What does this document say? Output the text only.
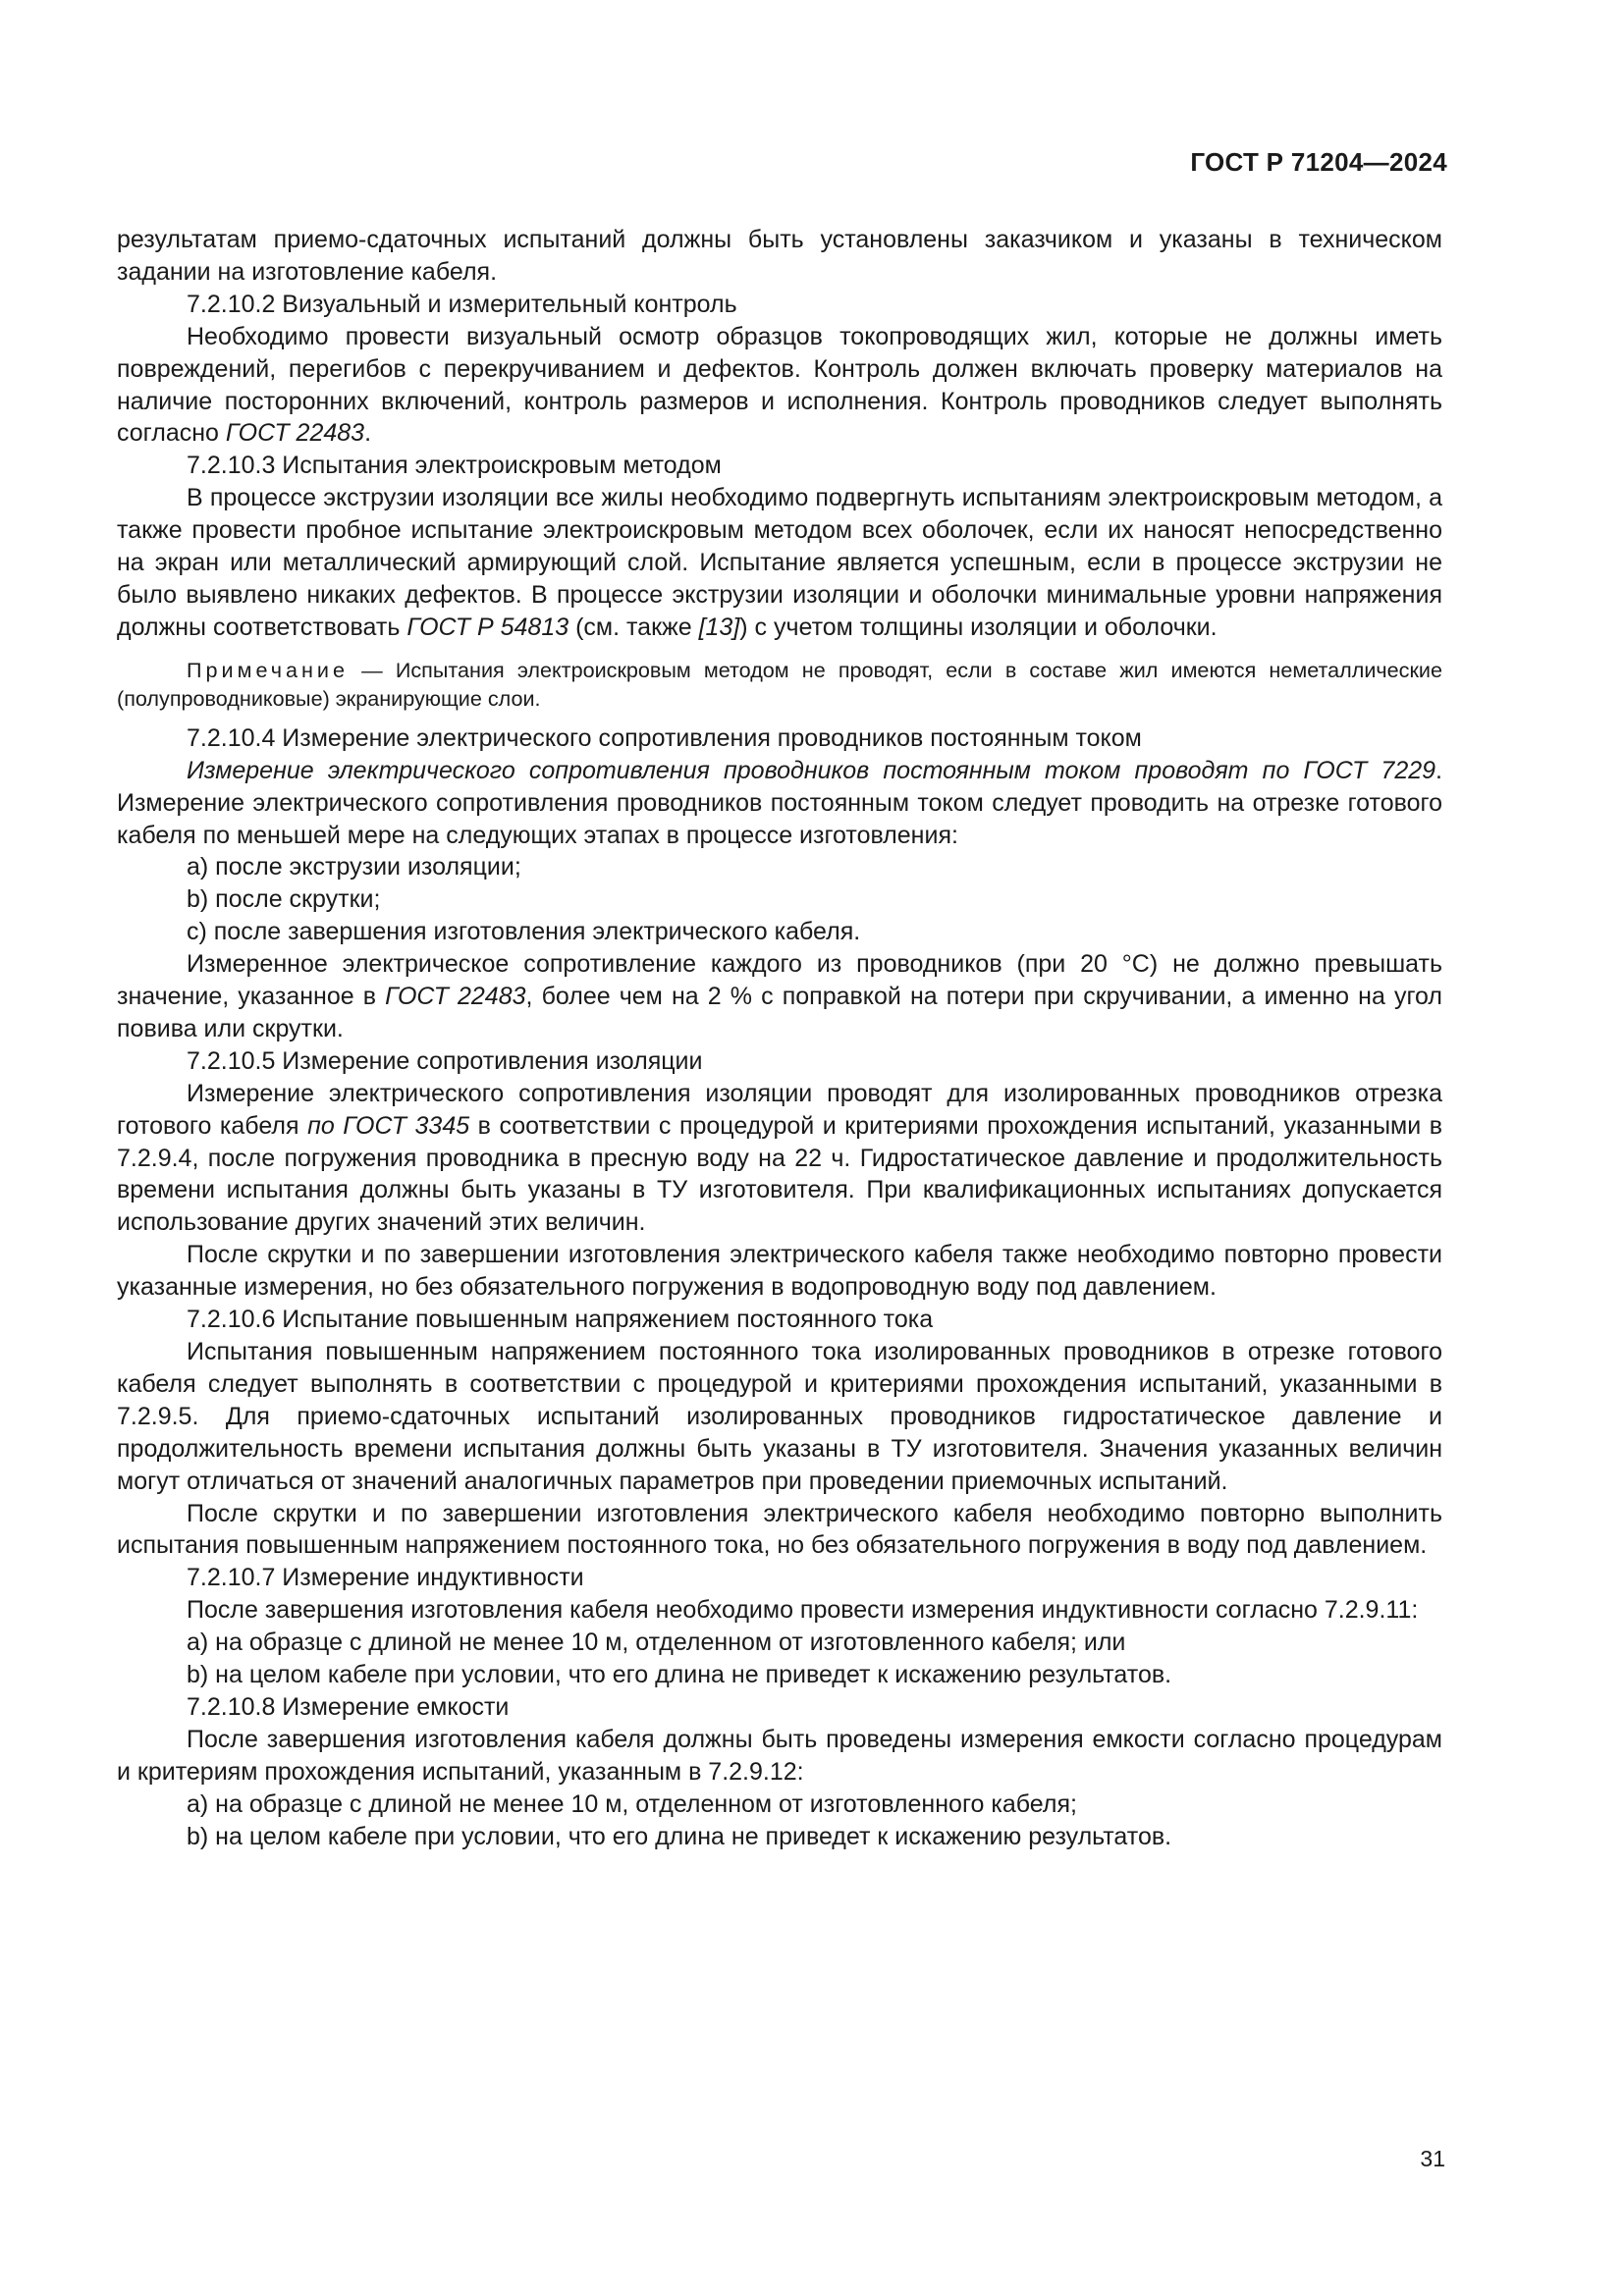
ГОСТ Р 71204—2024

результатам приемо-сдаточных испытаний должны быть установлены заказчиком и указаны в техническом задании на изготовление кабеля.

7.2.10.2 Визуальный и измерительный контроль

Необходимо провести визуальный осмотр образцов токопроводящих жил, которые не должны иметь повреждений, перегибов с перекручиванием и дефектов. Контроль должен включать проверку материалов на наличие посторонних включений, контроль размеров и исполнения. Контроль проводников следует выполнять согласно ГОСТ 22483.

7.2.10.3 Испытания электроискровым методом

В процессе экструзии изоляции все жилы необходимо подвергнуть испытаниям электроискровым методом, а также провести пробное испытание электроискровым методом всех оболочек, если их наносят непосредственно на экран или металлический армирующий слой. Испытание является успешным, если в процессе экструзии не было выявлено никаких дефектов. В процессе экструзии изоляции и оболочки минимальные уровни напряжения должны соответствовать ГОСТ Р 54813 (см. также [13]) с учетом толщины изоляции и оболочки.

Примечание — Испытания электроискровым методом не проводят, если в составе жил имеются неметаллические (полупроводниковые) экранирующие слои.

7.2.10.4 Измерение электрического сопротивления проводников постоянным током

Измерение электрического сопротивления проводников постоянным током проводят по ГОСТ 7229. Измерение электрического сопротивления проводников постоянным током следует проводить на отрезке готового кабеля по меньшей мере на следующих этапах в процессе изготовления:

a) после экструзии изоляции;

b) после скрутки;

c) после завершения изготовления электрического кабеля.

Измеренное электрическое сопротивление каждого из проводников (при 20 °C) не должно превышать значение, указанное в ГОСТ 22483, более чем на 2 % с поправкой на потери при скручивании, а именно на угол повива или скрутки.

7.2.10.5 Измерение сопротивления изоляции

Измерение электрического сопротивления изоляции проводят для изолированных проводников отрезка готового кабеля по ГОСТ 3345 в соответствии с процедурой и критериями прохождения испытаний, указанными в 7.2.9.4, после погружения проводника в пресную воду на 22 ч. Гидростатическое давление и продолжительность времени испытания должны быть указаны в ТУ изготовителя. При квалификационных испытаниях допускается использование других значений этих величин.

После скрутки и по завершении изготовления электрического кабеля также необходимо повторно провести указанные измерения, но без обязательного погружения в водопроводную воду под давлением.

7.2.10.6 Испытание повышенным напряжением постоянного тока

Испытания повышенным напряжением постоянного тока изолированных проводников в отрезке готового кабеля следует выполнять в соответствии с процедурой и критериями прохождения испытаний, указанными в 7.2.9.5. Для приемо-сдаточных испытаний изолированных проводников гидростатическое давление и продолжительность времени испытания должны быть указаны в ТУ изготовителя. Значения указанных величин могут отличаться от значений аналогичных параметров при проведении приемочных испытаний.

После скрутки и по завершении изготовления электрического кабеля необходимо повторно выполнить испытания повышенным напряжением постоянного тока, но без обязательного погружения в воду под давлением.

7.2.10.7 Измерение индуктивности

После завершения изготовления кабеля необходимо провести измерения индуктивности согласно 7.2.9.11:

a) на образце с длиной не менее 10 м, отделенном от изготовленного кабеля; или

b) на целом кабеле при условии, что его длина не приведет к искажению результатов.

7.2.10.8 Измерение емкости

После завершения изготовления кабеля должны быть проведены измерения емкости согласно процедурам и критериям прохождения испытаний, указанным в 7.2.9.12:

a) на образце с длиной не менее 10 м, отделенном от изготовленного кабеля;

b) на целом кабеле при условии, что его длина не приведет к искажению результатов.

31
